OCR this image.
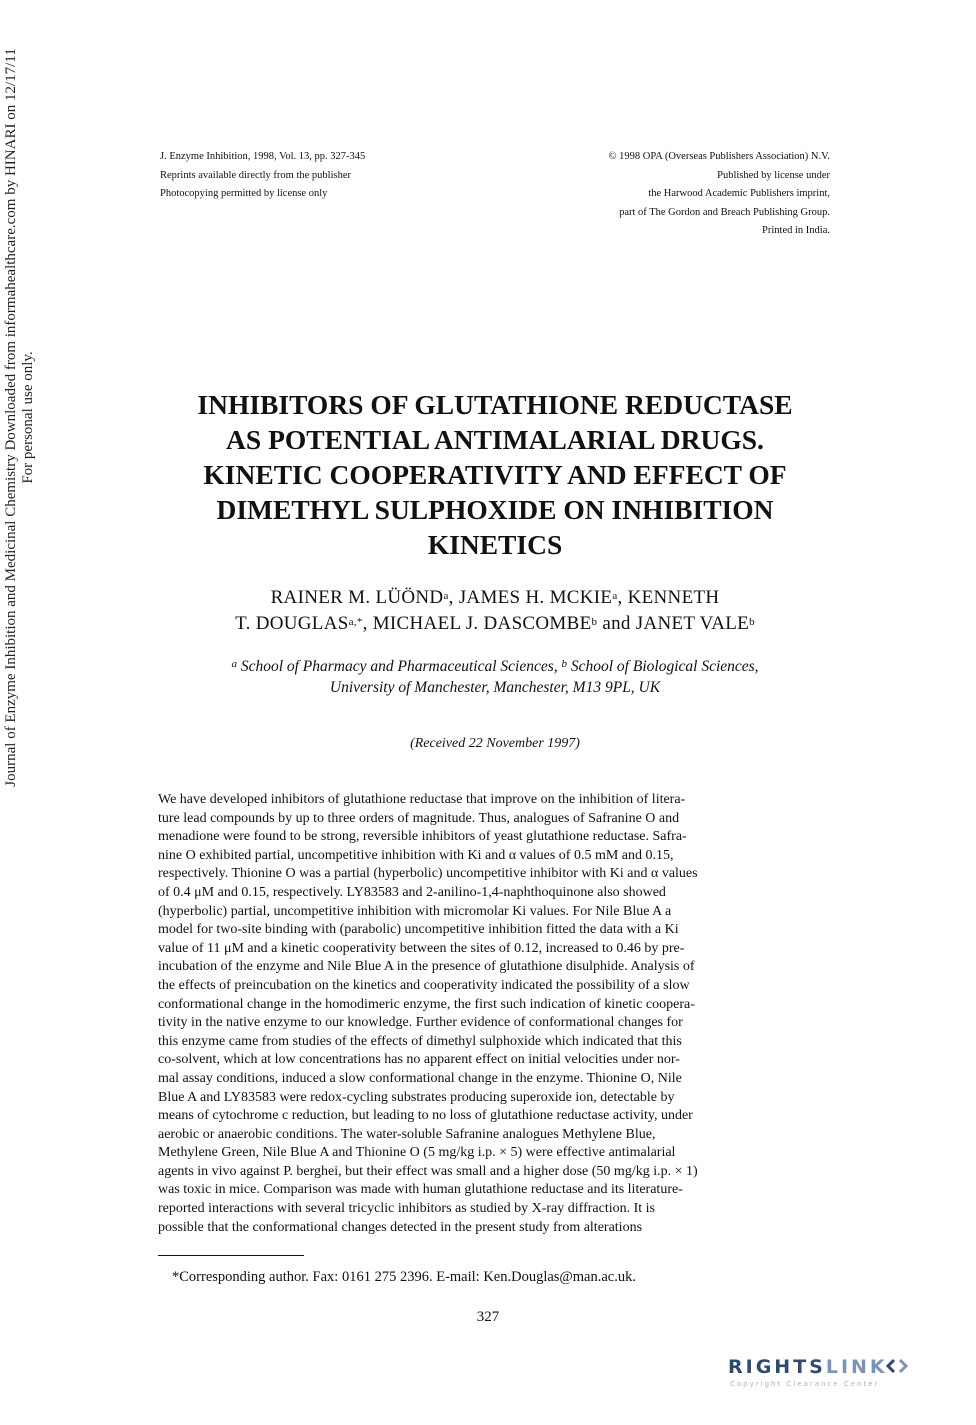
J. Enzyme Inhibition, 1998, Vol. 13, pp. 327-345
Reprints available directly from the publisher
Photocopying permitted by license only
© 1998 OPA (Overseas Publishers Association) N.V.
Published by license under
the Harwood Academic Publishers imprint,
part of The Gordon and Breach Publishing Group.
Printed in India.
Journal of Enzyme Inhibition and Medicinal Chemistry Downloaded from informahealthcare.com by HINARI on 12/17/11 For personal use only.	INHIBITORS OF GLUTATHIONE REDUCTASE
AS POTENTIAL ANTIMALARIAL DRUGS.
KINETIC COOPERATIVITY AND EFFECT OF
DIMETHYL SULPHOXIDE ON INHIBITION
KINETICS
RAINER M. LÜÖND$^a$, JAMES H. MCKIE$^a$, KENNETH
T. $DOUGLAS^{a,*}$, MICHAEL J. DASCOMBE$^b$ and JANET VALE$^b$
$^a$ School of Pharmacy and Pharmaceutical Sciences, $^b$ School of Biological Sciences,
University of Manchester, Manchester, M13 9PL, UK
(Received 22 November 1997)
We have developed inhibitors of glutathione reductase that improve on the inhibition of litera-
ture lead compounds by up to three orders of magnitude. Thus, analogues of Safranine O and
menadione were found to be strong, reversible inhibitors of yeast glutathione reductase. Safra-
nine O exhibited partial, uncompetitive inhibition with Ki and α values of 0.5 mM and 0.15,
respectively. Thionine O was a partial (hyperbolic) uncompetitive inhibitor with Ki and α values
of 0.4 μM and 0.15, respectively. LY83583 and 2-anilino-1,4-naphthoquinone also showed
(hyperbolic) partial, uncompetitive inhibition with micromolar Ki values. For Nile Blue A a
model for two-site binding with (parabolic) uncompetitive inhibition fitted the data with a Ki
value of 11 μM and a kinetic cooperativity between the sites of 0.12, increased to 0.46 by pre-
incubation of the enzyme and Nile Blue A in the presence of glutathione disulphide. Analysis of
the effects of preincubation on the kinetics and cooperativity indicated the possibility of a slow
conformational change in the homodimeric enzyme, the first such indication of kinetic coopera-
tivity in the native enzyme to our knowledge. Further evidence of conformational changes for
this enzyme came from studies of the effects of dimethyl sulphoxide which indicated that this
co-solvent, which at low concentrations has no apparent effect on initial velocities under nor-
mal assay conditions, induced a slow conformational change in the enzyme. Thionine O, Nile
Blue A and LY83583 were redox-cycling substrates producing superoxide ion, detectable by
means of cytochrome c reduction, but leading to no loss of glutathione reductase activity, under
aerobic or anaerobic conditions. The water-soluble Safranine analogues Methylene Blue,
Methylene Green, Nile Blue A and Thionine O (5 mg/kg i.p. × 5) were effective antimalarial
agents in vivo against P. berghei, but their effect was small and a higher dose (50 mg/kg i.p. × 1)
was toxic in mice. Comparison was made with human glutathione reductase and its literature-
reported interactions with several tricyclic inhibitors as studied by X-ray diffraction. It is
possible that the conformational changes detected in the present study from alterations
*Corresponding author. Fax: 0161 275 2396. E-mail: Ken.Douglas@man.ac.uk.
327
RIGHTSLINK
Copyright Clearance Center
